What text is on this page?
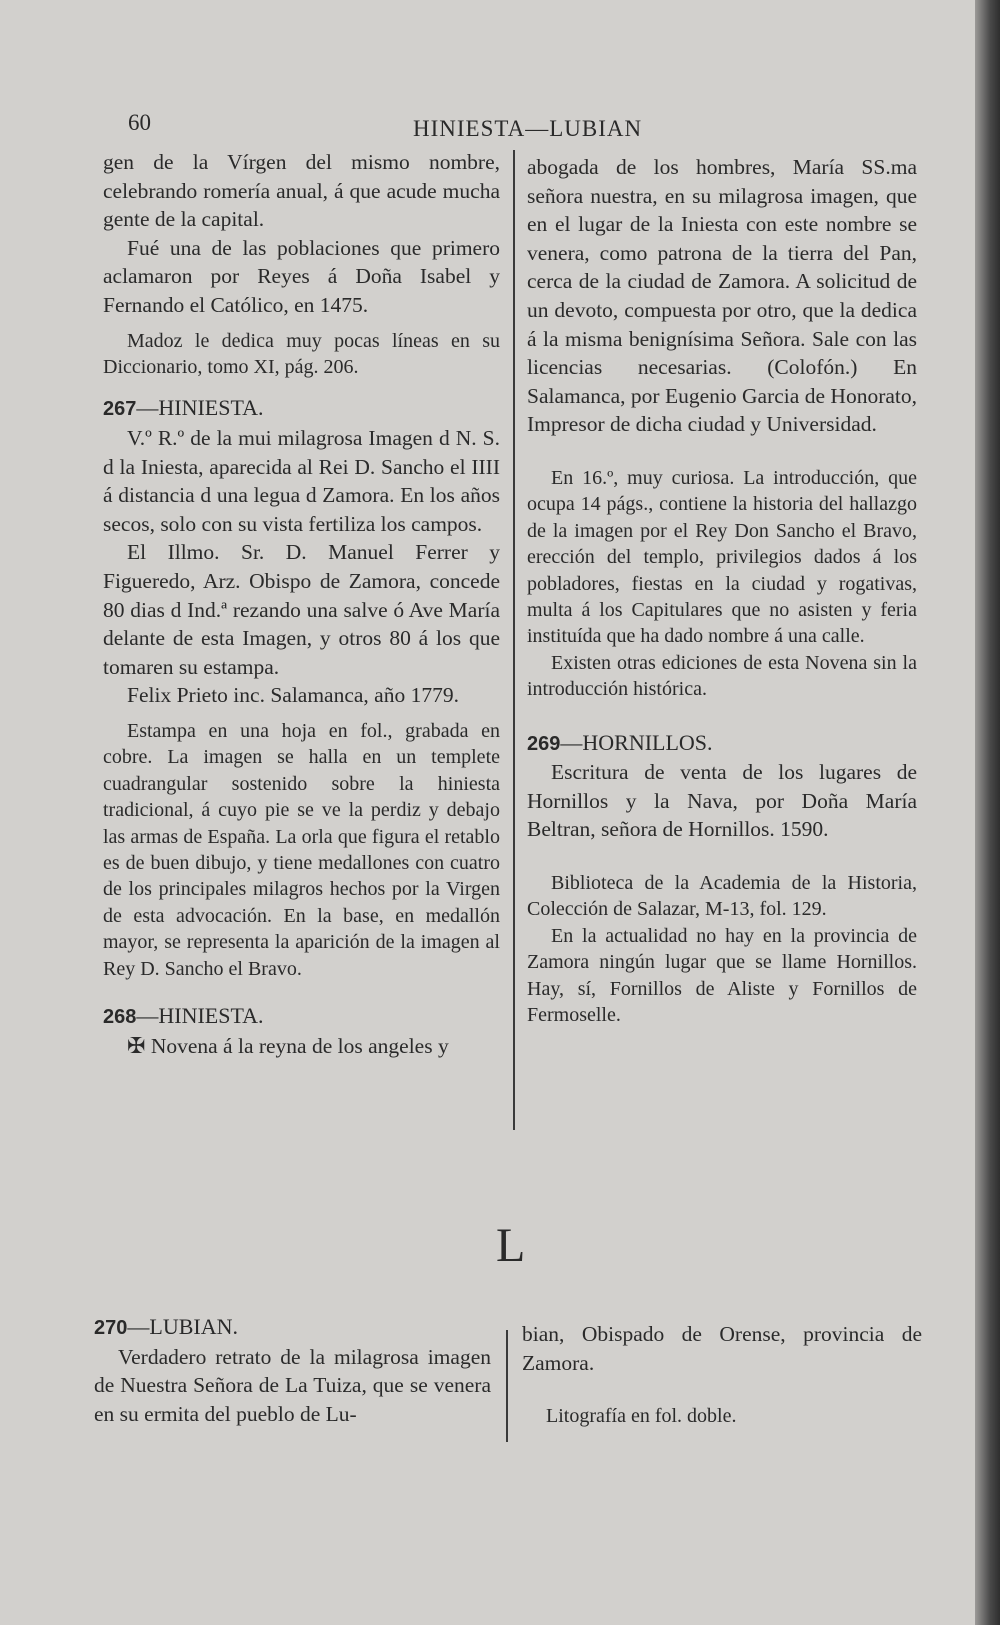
60	HINIESTA—LUBIAN

gen de la Vírgen del mismo nombre, celebrando romería anual, á que acude mucha gente de la capital.

Fué una de las poblaciones que primero aclamaron por Reyes á Doña Isabel y Fernando el Católico, en 1475.

Madoz le dedica muy pocas líneas en su Diccionario, tomo XI, pág. 206.

267—HINIESTA.

V.º R.º de la mui milagrosa Imagen d N. S. d la Iniesta, aparecida al Rei D. Sancho el IIII á distancia d una legua d Zamora. En los años secos, solo con su vista fertiliza los campos.

El Illmo. Sr. D. Manuel Ferrer y Figueredo, Arz. Obispo de Zamora, concede 80 dias d Ind.ª rezando una salve ó Ave María delante de esta Imagen, y otros 80 á los que tomaren su estampa.

Felix Prieto inc. Salamanca, año 1779.

Estampa en una hoja en fol., grabada en cobre. La imagen se halla en un templete cuadrangular sostenido sobre la hiniesta tradicional, á cuyo pie se ve la perdiz y debajo las armas de España. La orla que figura el retablo es de buen dibujo, y tiene medallones con cuatro de los principales milagros hechos por la Virgen de esta advocación. En la base, en medallón mayor, se representa la aparición de la imagen al Rey D. Sancho el Bravo.

268—HINIESTA.

✠ Novena á la reyna de los angeles y

abogada de los hombres, María SS.ma señora nuestra, en su milagrosa imagen, que en el lugar de la Iniesta con este nombre se venera, como patrona de la tierra del Pan, cerca de la ciudad de Zamora. A solicitud de un devoto, compuesta por otro, que la dedica á la misma benignísima Señora. Sale con las licencias necesarias. (Colofón.) En Salamanca, por Eugenio Garcia de Honorato, Impresor de dicha ciudad y Universidad.

En 16.º, muy curiosa. La introducción, que ocupa 14 págs., contiene la historia del hallazgo de la imagen por el Rey Don Sancho el Bravo, erección del templo, privilegios dados á los pobladores, fiestas en la ciudad y rogativas, multa á los Capitulares que no asisten y feria instituída que ha dado nombre á una calle.

Existen otras ediciones de esta Novena sin la introducción histórica.

269—HORNILLOS.

Escritura de venta de los lugares de Hornillos y la Nava, por Doña María Beltran, señora de Hornillos. 1590.

Biblioteca de la Academia de la Historia, Colección de Salazar, M-13, fol. 129.

En la actualidad no hay en la provincia de Zamora ningún lugar que se llame Hornillos. Hay, sí, Fornillos de Aliste y Fornillos de Fermoselle.

L

270—LUBIAN.

Verdadero retrato de la milagrosa imagen de Nuestra Señora de La Tuiza, que se venera en su ermita del pueblo de Lu-

bian, Obispado de Orense, provincia de Zamora.

Litografía en fol. doble.
